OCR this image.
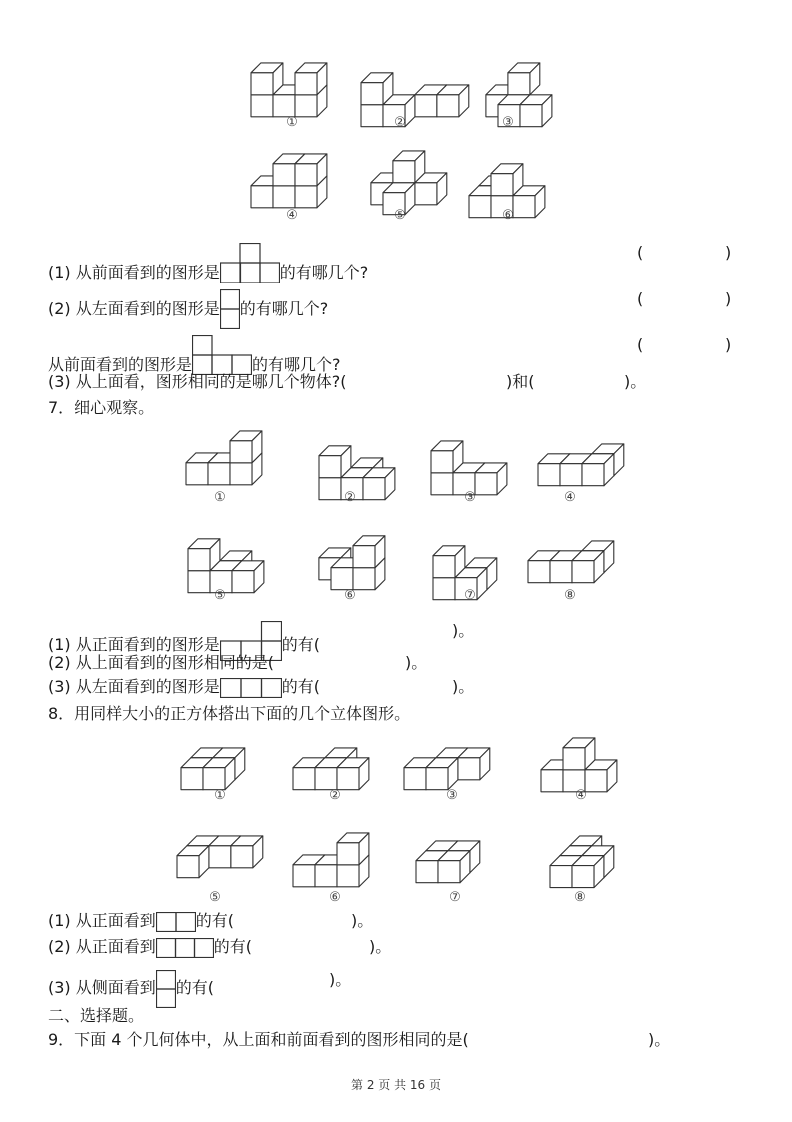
①	②	③
④	⑤	⑥
(1) 从前面看到的图形是	的有哪几个?
(	)
(2) 从左面看到的图形是 的有哪几个?
(	)
从前面看到的图形是	的有哪几个?
(	)
(3) 从上面看，图形相同的是哪几个物体?(	)和(	)。
7．细心观察。
①	②	③	④
⑤	⑥	⑦	⑧
(1) 从正面看到的图形是	的有(
)。
(2) 从上面看到的图形相同的是(	)。
(3) 从左面看到的图形是	的有(	)。
8．用同样大小的正方体搭出下面的几个立体图形。
①	②	③	④
⑤	⑥	⑦	⑧
(1) 从正面看到	的有(	)。
(2) 从正面看到	的有(	)。
(3) 从侧面看到 的有(	)。
二、选择题。
9．下面 4 个几何体中，从上面和前面看到的图形相同的是(	)。
第 2 页 共 16 页
